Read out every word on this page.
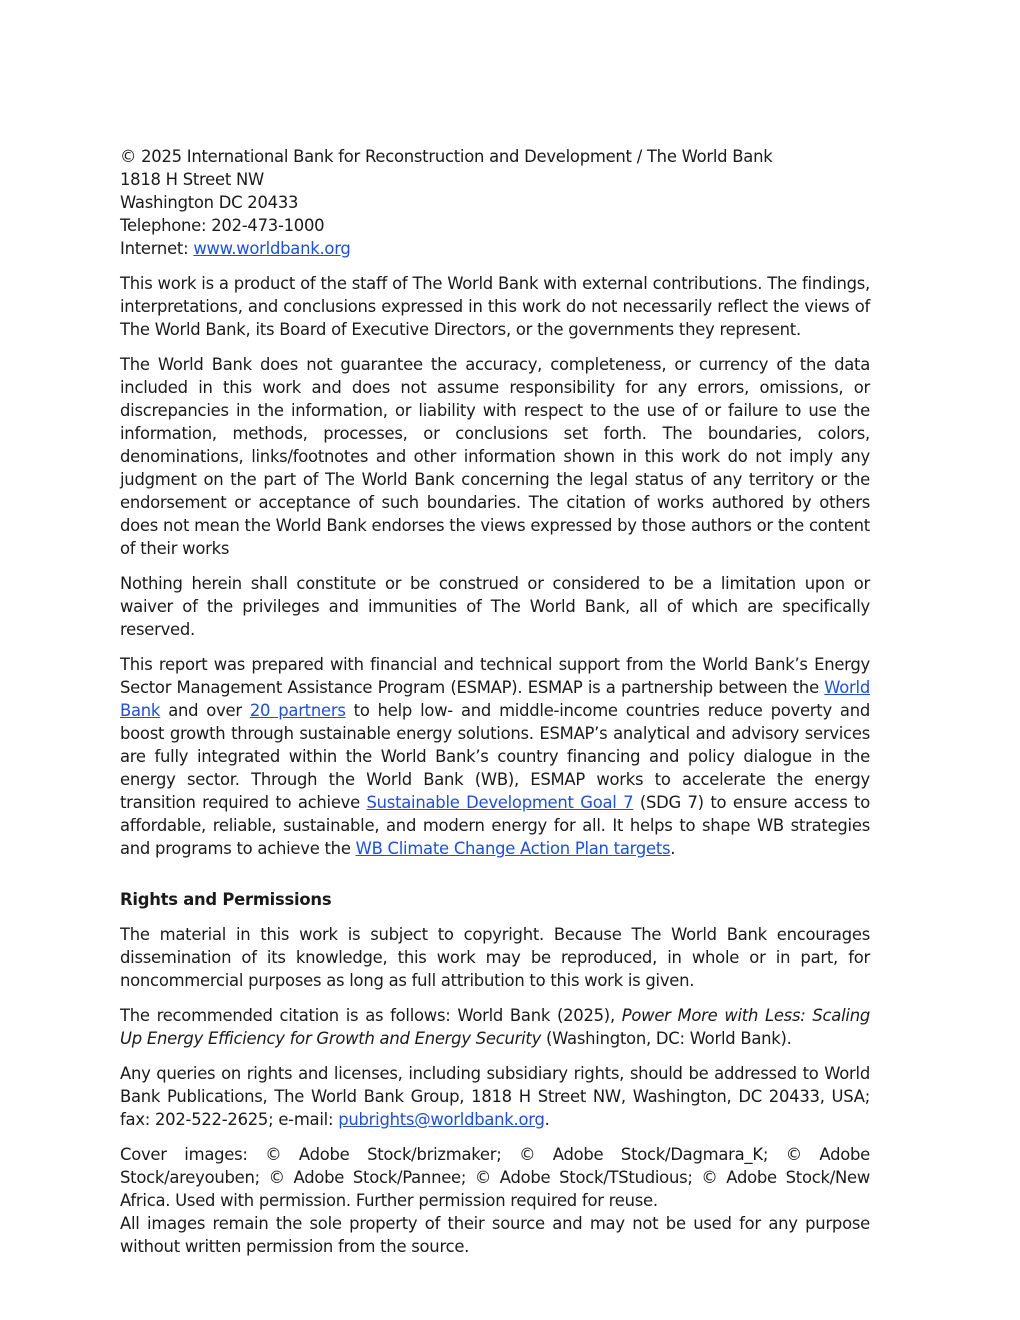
© 2025 International Bank for Reconstruction and Development / The World Bank
1818 H Street NW
Washington DC 20433
Telephone: 202-473-1000
Internet: www.worldbank.org

This work is a product of the staff of The World Bank with external contributions. The findings, interpretations, and conclusions expressed in this work do not necessarily reflect the views of The World Bank, its Board of Executive Directors, or the governments they represent.

The World Bank does not guarantee the accuracy, completeness, or currency of the data included in this work and does not assume responsibility for any errors, omissions, or discrepancies in the information, or liability with respect to the use of or failure to use the information, methods, processes, or conclusions set forth. The boundaries, colors, denominations, links/footnotes and other information shown in this work do not imply any judgment on the part of The World Bank concerning the legal status of any territory or the endorsement or acceptance of such boundaries. The citation of works authored by others does not mean the World Bank endorses the views expressed by those authors or the content of their works

Nothing herein shall constitute or be construed or considered to be a limitation upon or waiver of the privileges and immunities of The World Bank, all of which are specifically reserved.

This report was prepared with financial and technical support from the World Bank’s Energy Sector Management Assistance Program (ESMAP). ESMAP is a partnership between the World Bank and over 20 partners to help low- and middle-income countries reduce poverty and boost growth through sustainable energy solutions. ESMAP’s analytical and advisory services are fully integrated within the World Bank’s country financing and policy dialogue in the energy sector. Through the World Bank (WB), ESMAP works to accelerate the energy transition required to achieve Sustainable Development Goal 7 (SDG 7) to ensure access to affordable, reliable, sustainable, and modern energy for all. It helps to shape WB strategies and programs to achieve the WB Climate Change Action Plan targets.

Rights and Permissions

The material in this work is subject to copyright. Because The World Bank encourages dissemination of its knowledge, this work may be reproduced, in whole or in part, for noncommercial purposes as long as full attribution to this work is given.

The recommended citation is as follows: World Bank (2025), Power More with Less: Scaling Up Energy Efficiency for Growth and Energy Security (Washington, DC: World Bank).

Any queries on rights and licenses, including subsidiary rights, should be addressed to World Bank Publications, The World Bank Group, 1818 H Street NW, Washington, DC 20433, USA; fax: 202-522-2625; e-mail: pubrights@worldbank.org.

Cover images: © Adobe Stock/brizmaker; © Adobe Stock/Dagmara_K; © Adobe Stock/areyouben; © Adobe Stock/Pannee; © Adobe Stock/TStudious; © Adobe Stock/New Africa. Used with permission. Further permission required for reuse.

All images remain the sole property of their source and may not be used for any purpose without written permission from the source.
